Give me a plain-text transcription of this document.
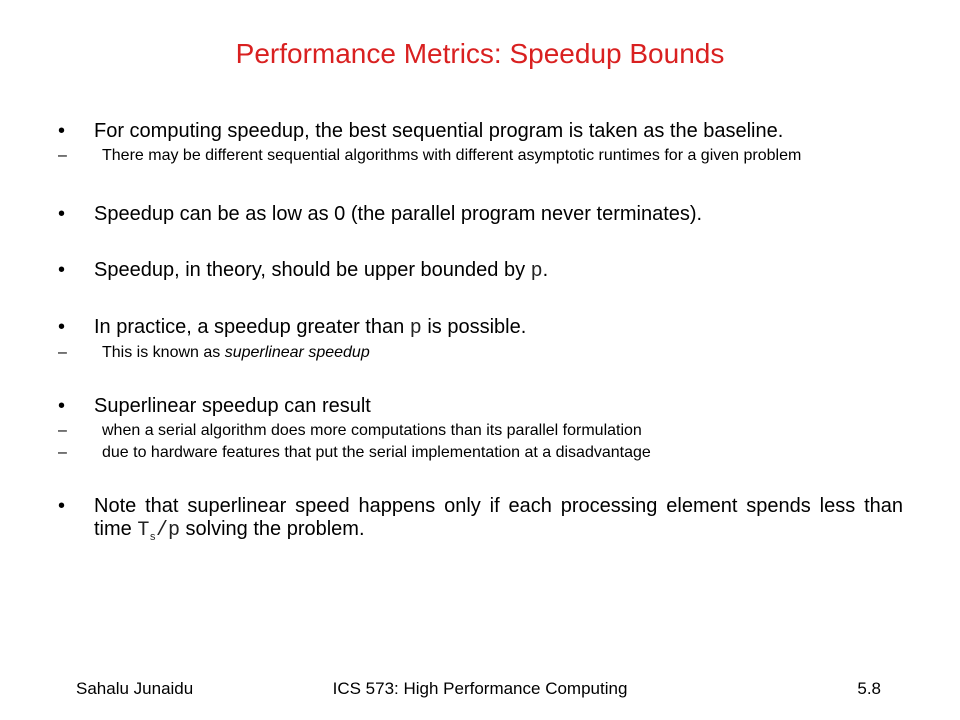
Performance Metrics: Speedup Bounds
• For computing speedup, the best sequential program is taken as the baseline.
– There may be different sequential algorithms with different asymptotic runtimes for a given problem
• Speedup can be as low as 0 (the parallel program never terminates).
• Speedup, in theory, should be upper bounded by p.
• In practice, a speedup greater than p is possible.
– This is known as superlinear speedup
• Superlinear speedup can result
– when a serial algorithm does more computations than its parallel formulation
– due to hardware features that put the serial implementation at a disadvantage
• Note that superlinear speed happens only if each processing element spends less than time $T_s/p$ solving the problem.
Sahalu Junaidu	ICS 573: High Performance Computing	5.8
